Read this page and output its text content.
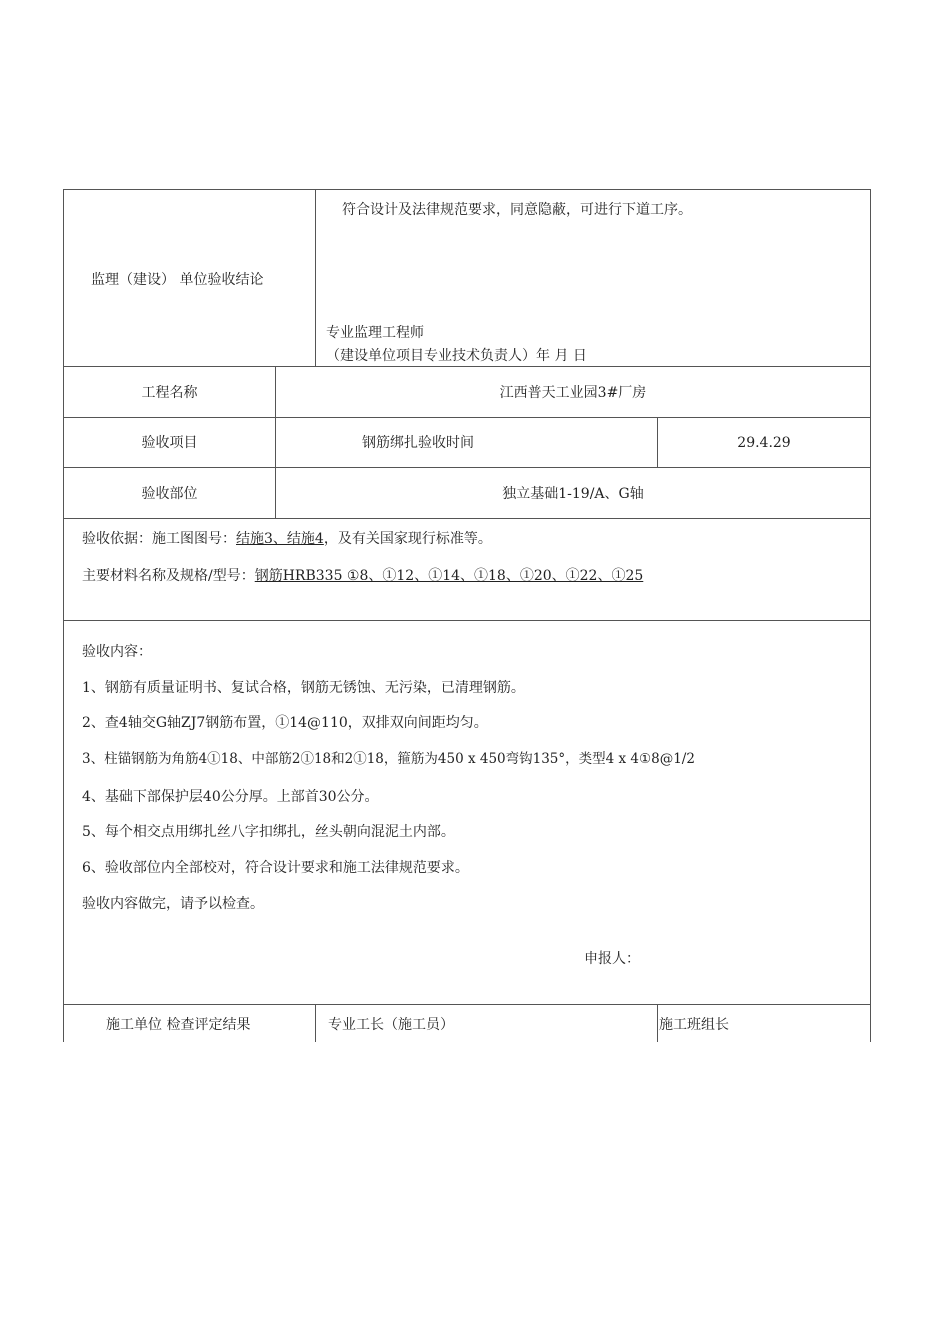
监理（建设） 单位验收结论
符合设计及法律规范要求，同意隐蔽，可进行下道工序。
专业监理工程师
（建设单位项目专业技术负责人）年 月 日
工程名称	江西普天工业园3#厂房
验收项目	钢筋绑扎验收时间	29.4.29
验收部位	独立基础1-19/A、G轴
验收依据：施工图图号：结施3、结施4，及有关国家现行标准等。
主要材料名称及规格/型号：钢筋HRB335 ①8、①12、①14、①18、①20、①22、①25
验收内容：
1、钢筋有质量证明书、复试合格，钢筋无锈蚀、无污染，已清理钢筋。
2、查4轴交G轴ZJ7钢筋布置，①14@110，双排双向间距均匀。
3、柱锚钢筋为角筋4①18、中部筋2①18和2①18，箍筋为450 x 450弯钩135°，类型4 x 4①8@1/2
4、基础下部保护层40公分厚。上部首30公分。
5、每个相交点用绑扎丝八字扣绑扎，丝头朝向混泥土内部。
6、验收部位内全部校对，符合设计要求和施工法律规范要求。
验收内容做完，请予以检查。
申报人：
施工单位 检查评定结果	专业工长（施工员）	施工班组长
